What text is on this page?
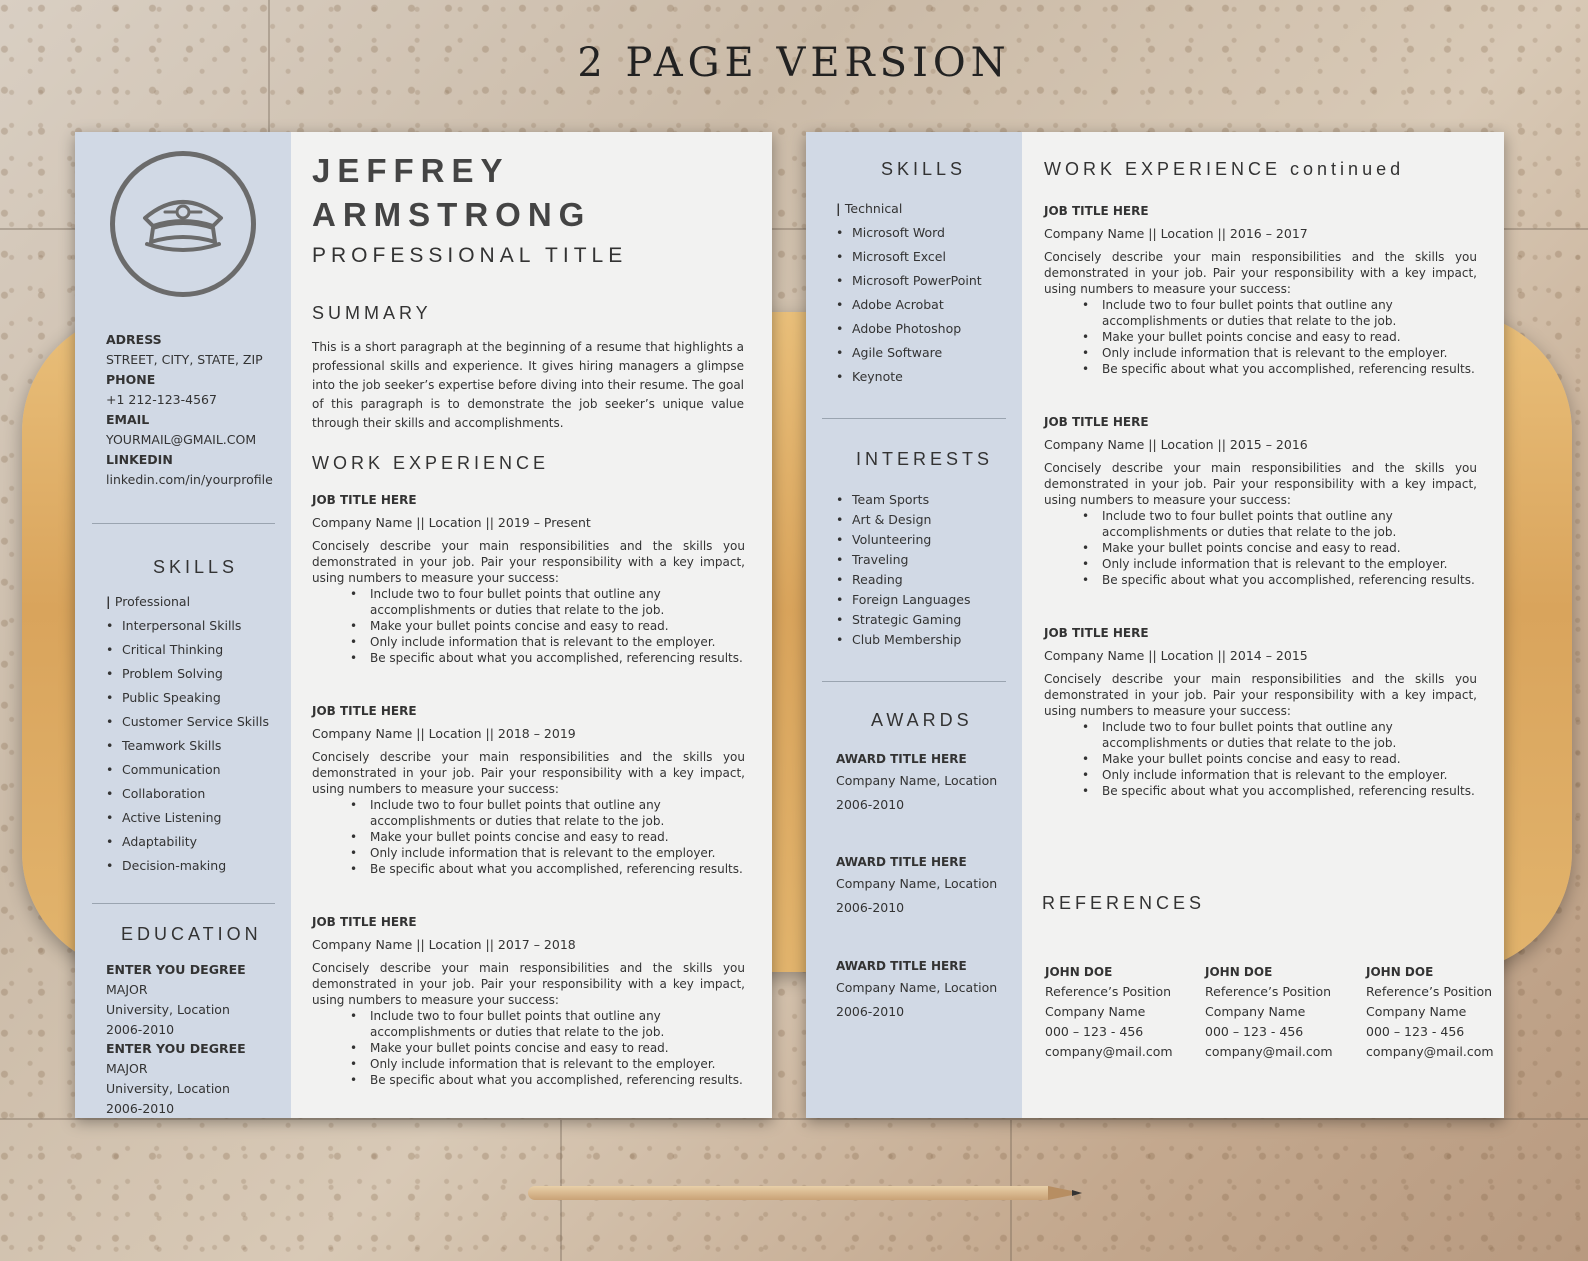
2 PAGE VERSION
ADRESS
STREET, CITY, STATE, ZIP
PHONE
+1 212-123-4567
EMAIL
YOURMAIL@GMAIL.COM
LINKEDIN
linkedin.com/in/yourprofile
SKILLS
| Professional
• Interpersonal Skills
• Critical Thinking
• Problem Solving
• Public Speaking
• Customer Service Skills
• Teamwork Skills
• Communication
• Collaboration
• Active Listening
• Adaptability
• Decision-making
EDUCATION
ENTER YOU DEGREE MAJOR
University, Location
2006-2010
ENTER YOU DEGREE MAJOR
University, Location
2006-2010
JEFFREY
ARMSTRONG
PROFESSIONAL TITLE
SUMMARY
This is a short paragraph at the beginning of a resume that highlights a professional skills and experience. It gives hiring managers a glimpse into the job seeker’s expertise before diving into their resume. The goal of this paragraph is to demonstrate the job seeker’s unique value through their skills and accomplishments.
WORK EXPERIENCE
JOB TITLE HERE
Company Name || Location || 2019 – Present
Concisely describe your main responsibilities and the skills you demonstrated in your job. Pair your responsibility with a key impact, using numbers to measure your success:
• Include two to four bullet points that outline any accomplishments or duties that relate to the job.
• Make your bullet points concise and easy to read.
• Only include information that is relevant to the employer.
• Be specific about what you accomplished, referencing results.
JOB TITLE HERE
Company Name || Location || 2018 – 2019
Concisely describe your main responsibilities and the skills you demonstrated in your job. Pair your responsibility with a key impact, using numbers to measure your success:
• Include two to four bullet points that outline any accomplishments or duties that relate to the job.
• Make your bullet points concise and easy to read.
• Only include information that is relevant to the employer.
• Be specific about what you accomplished, referencing results.
JOB TITLE HERE
Company Name || Location || 2017 – 2018
Concisely describe your main responsibilities and the skills you demonstrated in your job. Pair your responsibility with a key impact, using numbers to measure your success:
• Include two to four bullet points that outline any accomplishments or duties that relate to the job.
• Make your bullet points concise and easy to read.
• Only include information that is relevant to the employer.
• Be specific about what you accomplished, referencing results.
SKILLS
| Technical
• Microsoft Word
• Microsoft Excel
• Microsoft PowerPoint
• Adobe Acrobat
• Adobe Photoshop
• Agile Software
• Keynote
INTERESTS
• Team Sports
• Art & Design
• Volunteering
• Traveling
• Reading
• Foreign Languages
• Strategic Gaming
• Club Membership
AWARDS
AWARD TITLE HERE
Company Name, Location
2006-2010
AWARD TITLE HERE
Company Name, Location
2006-2010
AWARD TITLE HERE
Company Name, Location
2006-2010
WORK EXPERIENCE continued
JOB TITLE HERE
Company Name || Location || 2016 – 2017
Concisely describe your main responsibilities and the skills you demonstrated in your job. Pair your responsibility with a key impact, using numbers to measure your success:
• Include two to four bullet points that outline any accomplishments or duties that relate to the job.
• Make your bullet points concise and easy to read.
• Only include information that is relevant to the employer.
• Be specific about what you accomplished, referencing results.
JOB TITLE HERE
Company Name || Location || 2015 – 2016
Concisely describe your main responsibilities and the skills you demonstrated in your job. Pair your responsibility with a key impact, using numbers to measure your success:
• Include two to four bullet points that outline any accomplishments or duties that relate to the job.
• Make your bullet points concise and easy to read.
• Only include information that is relevant to the employer.
• Be specific about what you accomplished, referencing results.
JOB TITLE HERE
Company Name || Location || 2014 – 2015
Concisely describe your main responsibilities and the skills you demonstrated in your job. Pair your responsibility with a key impact, using numbers to measure your success:
• Include two to four bullet points that outline any accomplishments or duties that relate to the job.
• Make your bullet points concise and easy to read.
• Only include information that is relevant to the employer.
• Be specific about what you accomplished, referencing results.
REFERENCES
JOHN DOE
Reference’s Position
Company Name
000 – 123 - 456
company@mail.com
JOHN DOE
Reference’s Position
Company Name
000 – 123 - 456
company@mail.com
JOHN DOE
Reference’s Position
Company Name
000 – 123 - 456
company@mail.com
